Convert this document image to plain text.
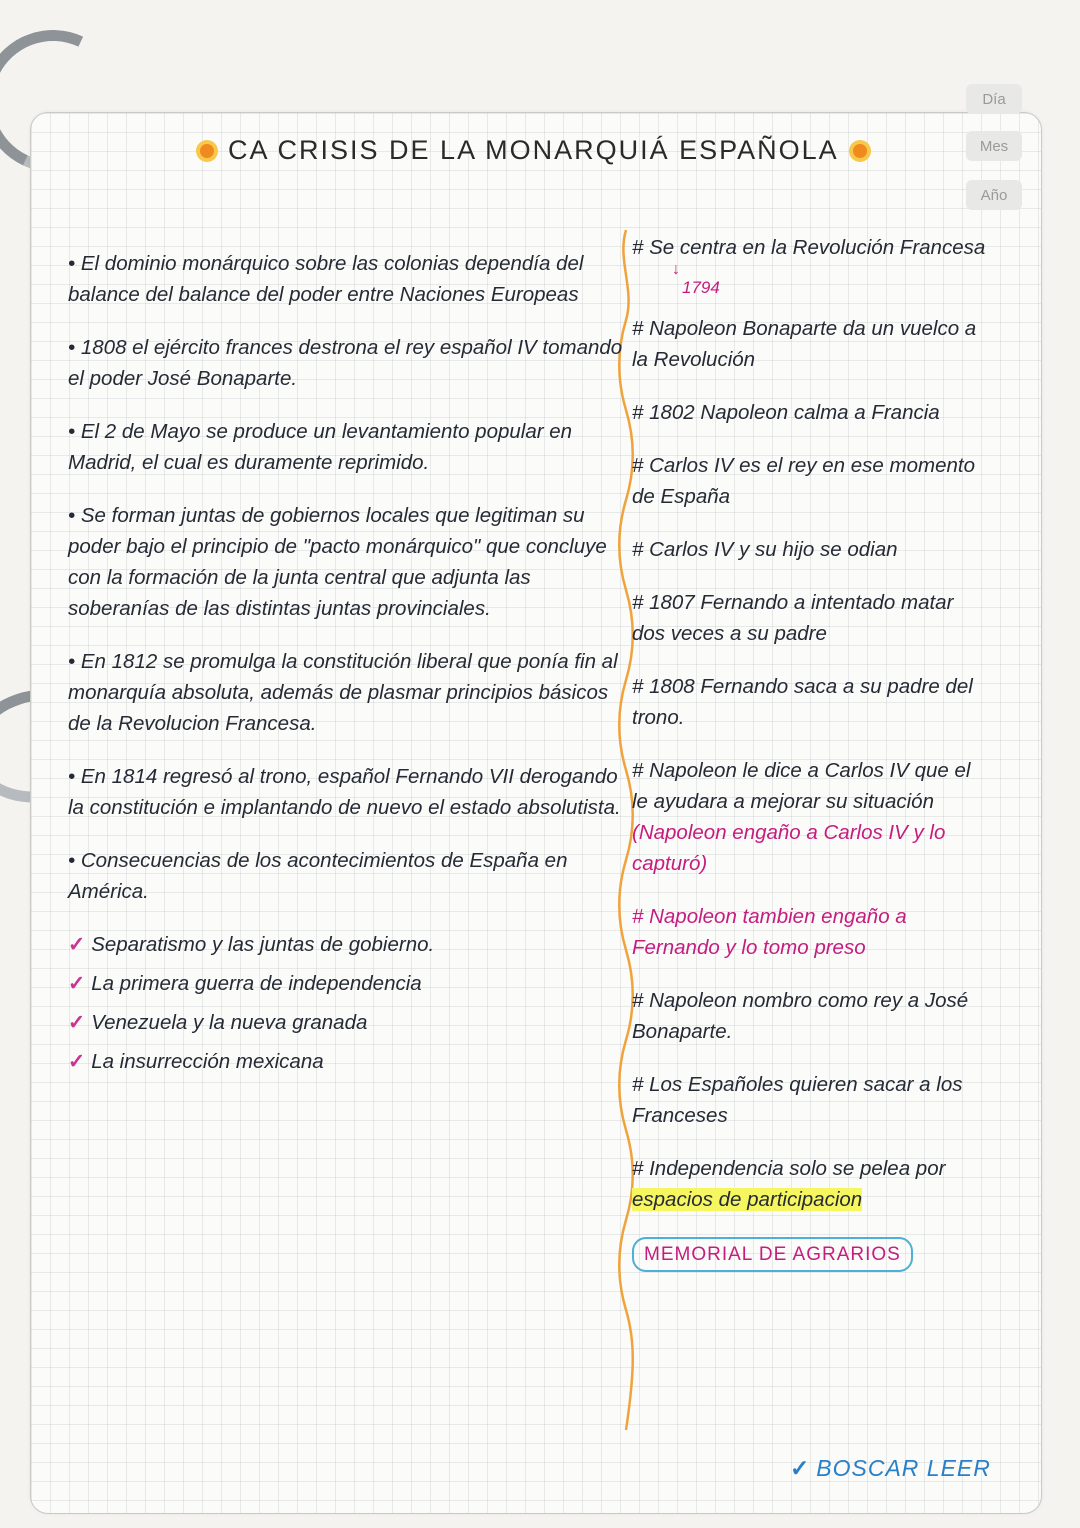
Día
Mes
Año
CA CRISIS DE LA MONARQUIÁ ESPAÑOLA

• El dominio monárquico sobre las colonias dependía del balance del balance del poder entre Naciones Europeas

• 1808 el ejército frances destrona el rey español IV tomando el poder José Bonaparte.

• El 2 de Mayo se produce un levantamiento popular en Madrid, el cual es duramente reprimido.

• Se forman juntas de gobiernos locales que legitiman su poder bajo el principio de "pacto monárquico" que concluye con la formación de la junta central que adjunta las soberanías de las distintas juntas provinciales.

• En 1812 se promulga la constitución liberal que ponía fin al monarquía absoluta, además de plasmar principios básicos de la Revolucion Francesa.

• En 1814 regresó al trono, español Fernando VII derogando la constitución e implantando de nuevo el estado absolutista.

• Consecuencias de los acontecimientos de España en América.

✓ Separatismo y las juntas de gobierno.

✓ La primera guerra de independencia

✓ Venezuela y la nueva granada

✓ La insurrección mexicana

# Se centra en la Revolución Francesa

↓
1794

# Napoleon Bonaparte da un vuelco a la Revolución

# 1802 Napoleon calma a Francia

# Carlos IV es el rey en ese momento de España

# Carlos IV y su hijo se odian

# 1807 Fernando a intentado matar dos veces a su padre

# 1808 Fernando saca a su padre del trono.

# Napoleon le dice a Carlos IV que el le ayudara a mejorar su situación

(Napoleon engaño a Carlos IV y lo capturó)

# Napoleon tambien engaño a Fernando y lo tomo preso

# Napoleon nombro como rey a José Bonaparte.

# Los Españoles quieren sacar a los Franceses

# Independencia solo se pelea por espacios de participacion

MEMORIAL DE AGRARIOS
✓ BOSCAR LEER
